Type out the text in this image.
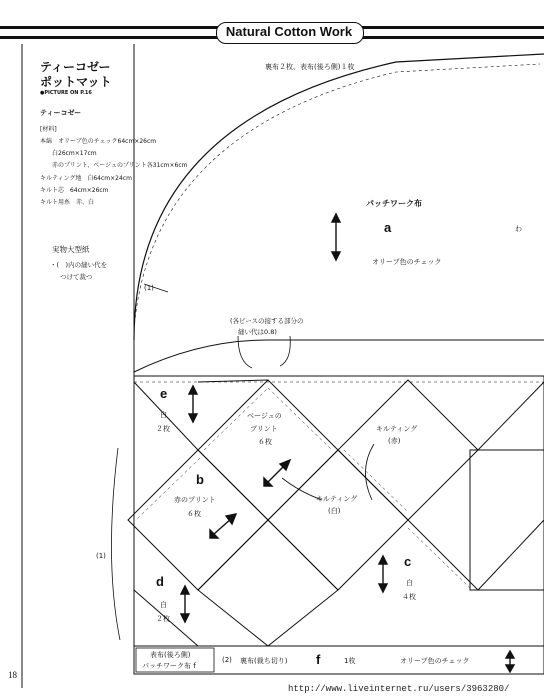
Natural Cotton Work
ティーコゼー
ポットマット
●PICTURE ON P.16
ティーコゼー
[材料]
本綿　オリーブ色のチェック64cm×26cm
　　白26cm×17cm
　　赤のプリント、ベージュのプリント各31cm×6cm
キルティング地　白64cm×24cm
キルト芯　64cm×26cm
キルト用糸　赤、白
実物大型紙
・(　)内の縫い代を
つけて裁つ
裏布２枚、表布(後ろ側)１枚
パッチワーク布
a
オリーブ色のチェック
わ
(1)
(各ピースの接する部分の
縫い代は0.8)
e
白
２枚
ベージュの
プリント
６枚
キルティング
(赤)
b
赤のプリント
６枚
キルティング
(白)
(1)	c
白
４枚
d
白
２枚
表布(後ろ側)
パッチワーク布 f
(2) 裏布(裁ち切り) f	1枚	オリーブ色のチェック
18
http://www.liveinternet.ru/users/3963280/
